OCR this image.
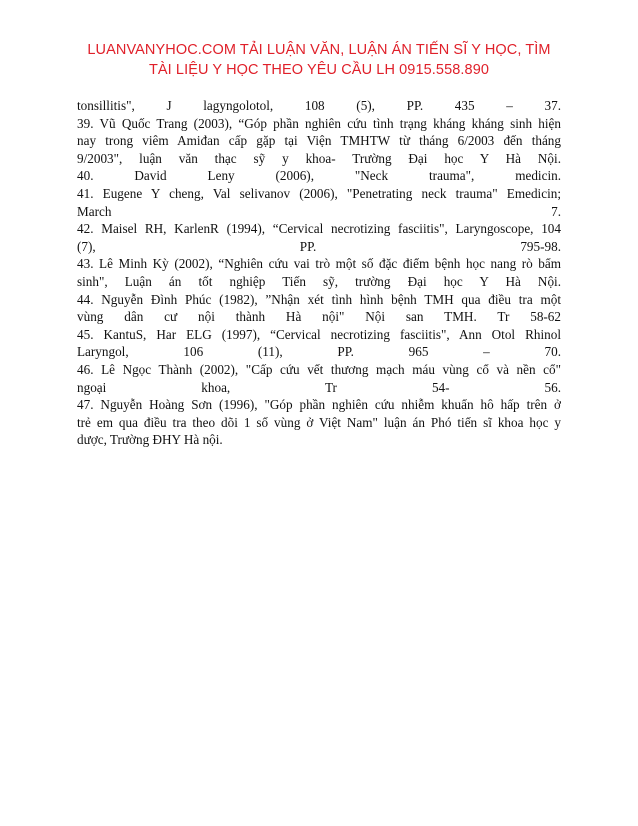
LUANVANYHOC.COM TẢI LUẬN VĂN, LUẬN ÁN TIẾN SĨ Y HỌC, TÌM
TÀI LIỆU Y HỌC THEO YÊU CẦU LH 0915.558.890
tonsillitis", J lagyngolotol, 108 (5), PP. 435 – 37.
39. Vũ Quốc Trang (2003), “Góp phần nghiên cứu tình trạng kháng kháng sinh hiện
nay trong viêm Amiđan cấp gặp tại Viện TMHTW từ tháng 6/2003 đến tháng
9/2003", luận văn thạc sỹ y khoa- Trường Đại học Y Hà Nội.
40. David Leny (2006), "Neck trauma", medicin.
41. Eugene Y cheng, Val selivanov (2006), "Penetrating neck trauma" Emedicin;
March 7.
42. Maisel RH, KarlenR (1994), “Cervical necrotizing fasciitis", Laryngoscope, 104
(7), PP. 795-98.
43. Lê Minh Kỳ (2002), “Nghiên cứu vai trò một số đặc điểm bệnh học nang rò bẩm
sinh", Luận án tốt nghiệp Tiến sỹ, trường Đại học Y Hà Nội.
44. Nguyễn Đình Phúc (1982), ”Nhận xét tình hình bệnh TMH qua điều tra một
vùng dân cư nội thành Hà nội" Nội san TMH. Tr 58-62
45. KantuS, Har ELG (1997), “Cervical necrotizing fasciitis", Ann Otol Rhinol
Laryngol, 106 (11), PP. 965 – 70.
46. Lê Ngọc Thành (2002), "Cấp cứu vết thương mạch máu vùng cổ và nền cổ"
ngoại khoa, Tr 54- 56.
47. Nguyễn Hoàng Sơn (1996), "Góp phần nghiên cứu nhiễm khuẩn hô hấp trên ở
trẻ em qua điều tra theo dõi 1 số vùng ở Việt Nam" luận án Phó tiến sĩ khoa học y
dược, Trường ĐHY Hà nội.
